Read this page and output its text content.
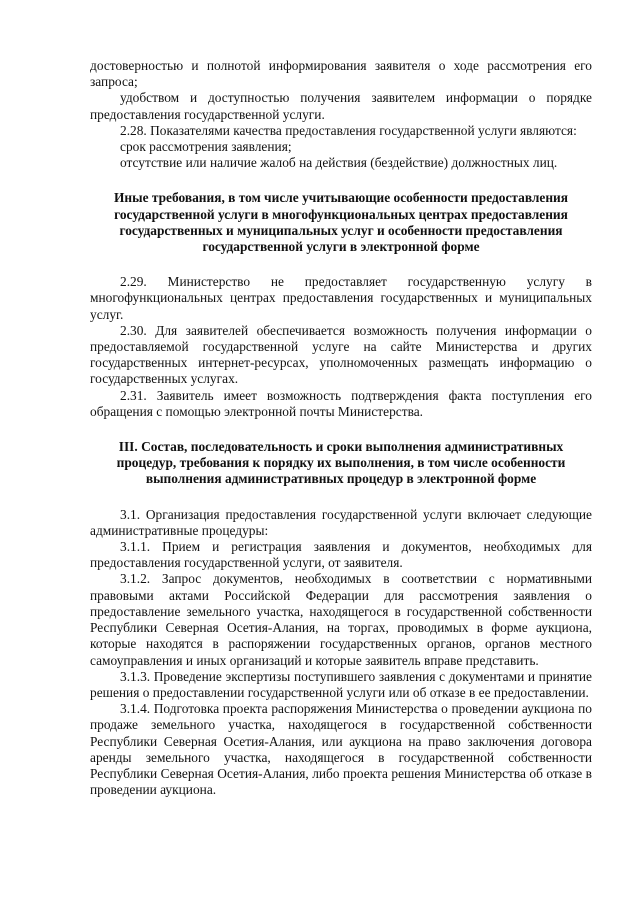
достоверностью и полнотой информирования заявителя о ходе рассмотрения его запроса;

удобством и доступностью получения заявителем информации о порядке предоставления государственной услуги.

2.28. Показателями качества предоставления государственной услуги являются:

срок рассмотрения заявления;

отсутствие или наличие жалоб на действия (бездействие) должностных лиц.

Иные требования, в том числе учитывающие особенности предоставления государственной услуги в многофункциональных центрах предоставления государственных и муниципальных услуг и особенности предоставления государственной услуги в электронной форме

2.29. Министерство не предоставляет государственную услугу в многофункциональных центрах предоставления государственных и муниципальных услуг.

2.30. Для заявителей обеспечивается возможность получения информации о предоставляемой государственной услуге на сайте Министерства и других государственных интернет-ресурсах, уполномоченных размещать информацию о государственных услугах.

2.31. Заявитель имеет возможность подтверждения факта поступления его обращения с помощью электронной почты Министерства.

III. Состав, последовательность и сроки выполнения административных процедур, требования к порядку их выполнения, в том числе особенности выполнения административных процедур в электронной форме

3.1. Организация предоставления государственной услуги включает следующие административные процедуры:

3.1.1. Прием и регистрация заявления и документов, необходимых для предоставления государственной услуги, от заявителя.

3.1.2. Запрос документов, необходимых в соответствии с нормативными правовыми актами Российской Федерации для рассмотрения заявления о предоставление земельного участка, находящегося в государственной собственности Республики Северная Осетия-Алания, на торгах, проводимых в форме аукциона, которые находятся в распоряжении государственных органов, органов местного самоуправления и иных организаций и которые заявитель вправе представить.

3.1.3. Проведение экспертизы поступившего заявления с документами и принятие решения о предоставлении государственной услуги или об отказе в ее предоставлении.

3.1.4. Подготовка проекта распоряжения Министерства о проведении аукциона по продаже земельного участка, находящегося в государственной собственности Республики Северная Осетия-Алания, или аукциона на право заключения договора аренды земельного участка, находящегося в государственной собственности Республики Северная Осетия-Алания, либо проекта решения Министерства об отказе в проведении аукциона.
